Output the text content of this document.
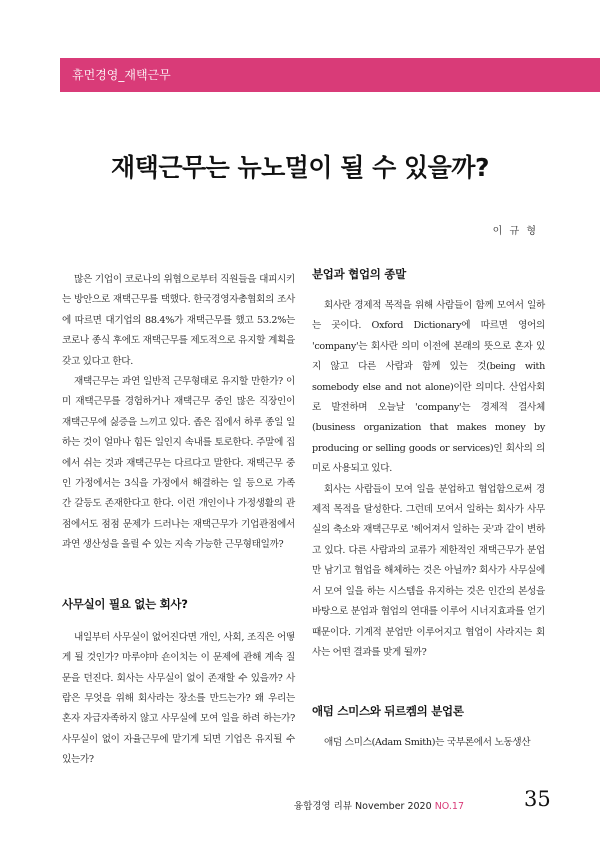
휴먼경영_재택근무
재택근무는 뉴노멀이 될 수 있을까?
이 규 형

많은 기업이 코로나의 위협으로부터 직원들을 대피시키는 방안으로 재택근무를 택했다. 한국경영자총협회의 조사에 따르면 대기업의 88.4%가 재택근무를 했고 53.2%는 코로나 종식 후에도 재택근무를 제도적으로 유지할 계획을 갖고 있다고 한다.

재택근무는 과연 일반적 근무형태로 유지할 만한가? 이미 재택근무를 경험하거나 재택근무 중인 많은 직장인이 재택근무에 싫증을 느끼고 있다. 좁은 집에서 하루 종일 일하는 것이 얼마나 힘든 일인지 속내를 토로한다. 주말에 집에서 쉬는 것과 재택근무는 다르다고 말한다. 재택근무 중인 가정에서는 3식을 가정에서 해결하는 일 등으로 가족 간 갈등도 존재한다고 한다. 이런 개인이나 가정생활의 관점에서도 점점 문제가 드러나는 재택근무가 기업관점에서 과연 생산성을 올릴 수 있는 지속 가능한 근무형태일까?

사무실이 필요 없는 회사?

내일부터 사무실이 없어진다면 개인, 사회, 조직은 어떻게 될 것인가? 마루야마 숀이치는 이 문제에 관해 계속 질문을 던진다. 회사는 사무실이 없이 존재할 수 있을까? 사람은 무엇을 위해 회사라는 장소를 만드는가? 왜 우리는 혼자 자급자족하지 않고 사무실에 모여 일을 하려 하는가? 사무실이 없이 자율근무에 맡기게 되면 기업은 유지될 수 있는가?

분업과 협업의 종말

회사란 경제적 목적을 위해 사람들이 함께 모여서 일하는 곳이다. Oxford Dictionary에 따르면 영어의 'company'는 회사란 의미 이전에 본래의 뜻으로 혼자 있지 않고 다른 사람과 함께 있는 것(being with somebody else and not alone)이란 의미다. 산업사회로 발전하며 오늘날 'company'는 경제적 결사체(business organization that makes money by producing or selling goods or services)인 회사의 의미로 사용되고 있다.

회사는 사람들이 모여 일을 분업하고 협업함으로써 경제적 목적을 달성한다. 그런데 모여서 일하는 회사가 사무실의 축소와 재택근무로 '헤어져서 일하는 곳'과 같이 변하고 있다. 다른 사람과의 교류가 제한적인 재택근무가 분업만 남기고 협업을 해체하는 것은 아닐까? 회사가 사무실에서 모여 일을 하는 시스템을 유지하는 것은 인간의 본성을 바탕으로 분업과 협업의 연대를 이루어 시너지효과를 얻기 때문이다. 기계적 분업만 이루어지고 협업이 사라지는 회사는 어떤 결과를 맞게 될까?

애덤 스미스와 뒤르켐의 분업론

애덤 스미스(Adam Smith)는 국부론에서 노동생산

융합경영 리뷰 November 2020 NO.17	35
